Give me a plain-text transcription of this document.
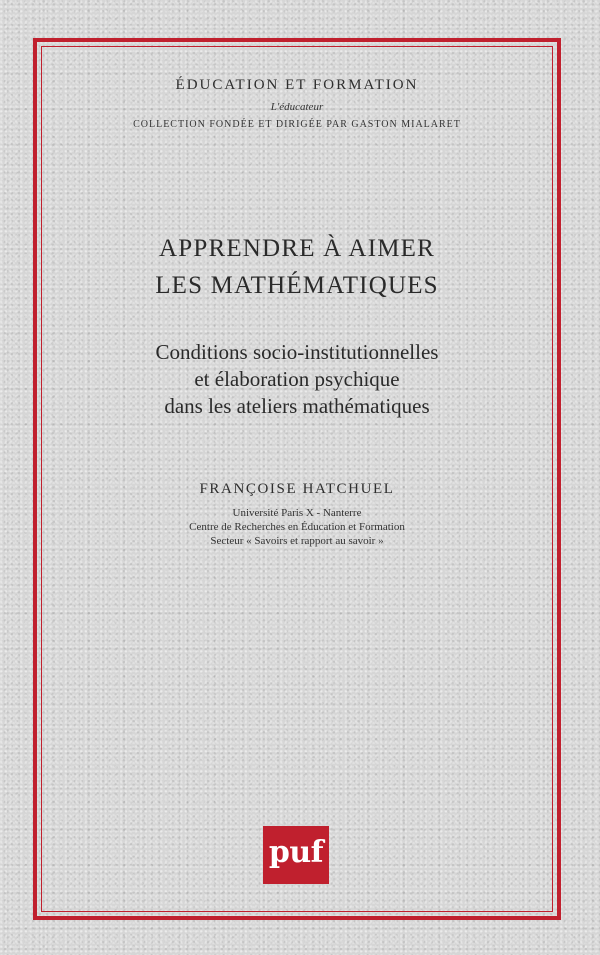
ÉDUCATION ET FORMATION
L'éducateur
COLLECTION FONDÉE ET DIRIGÉE PAR GASTON MIALARET
APPRENDRE À AIMER
LES MATHÉMATIQUES
Conditions socio-institutionnelles
et élaboration psychique
dans les ateliers mathématiques
FRANÇOISE HATCHUEL
Université Paris X - Nanterre
Centre de Recherches en Éducation et Formation
Secteur « Savoirs et rapport au savoir »
puf
